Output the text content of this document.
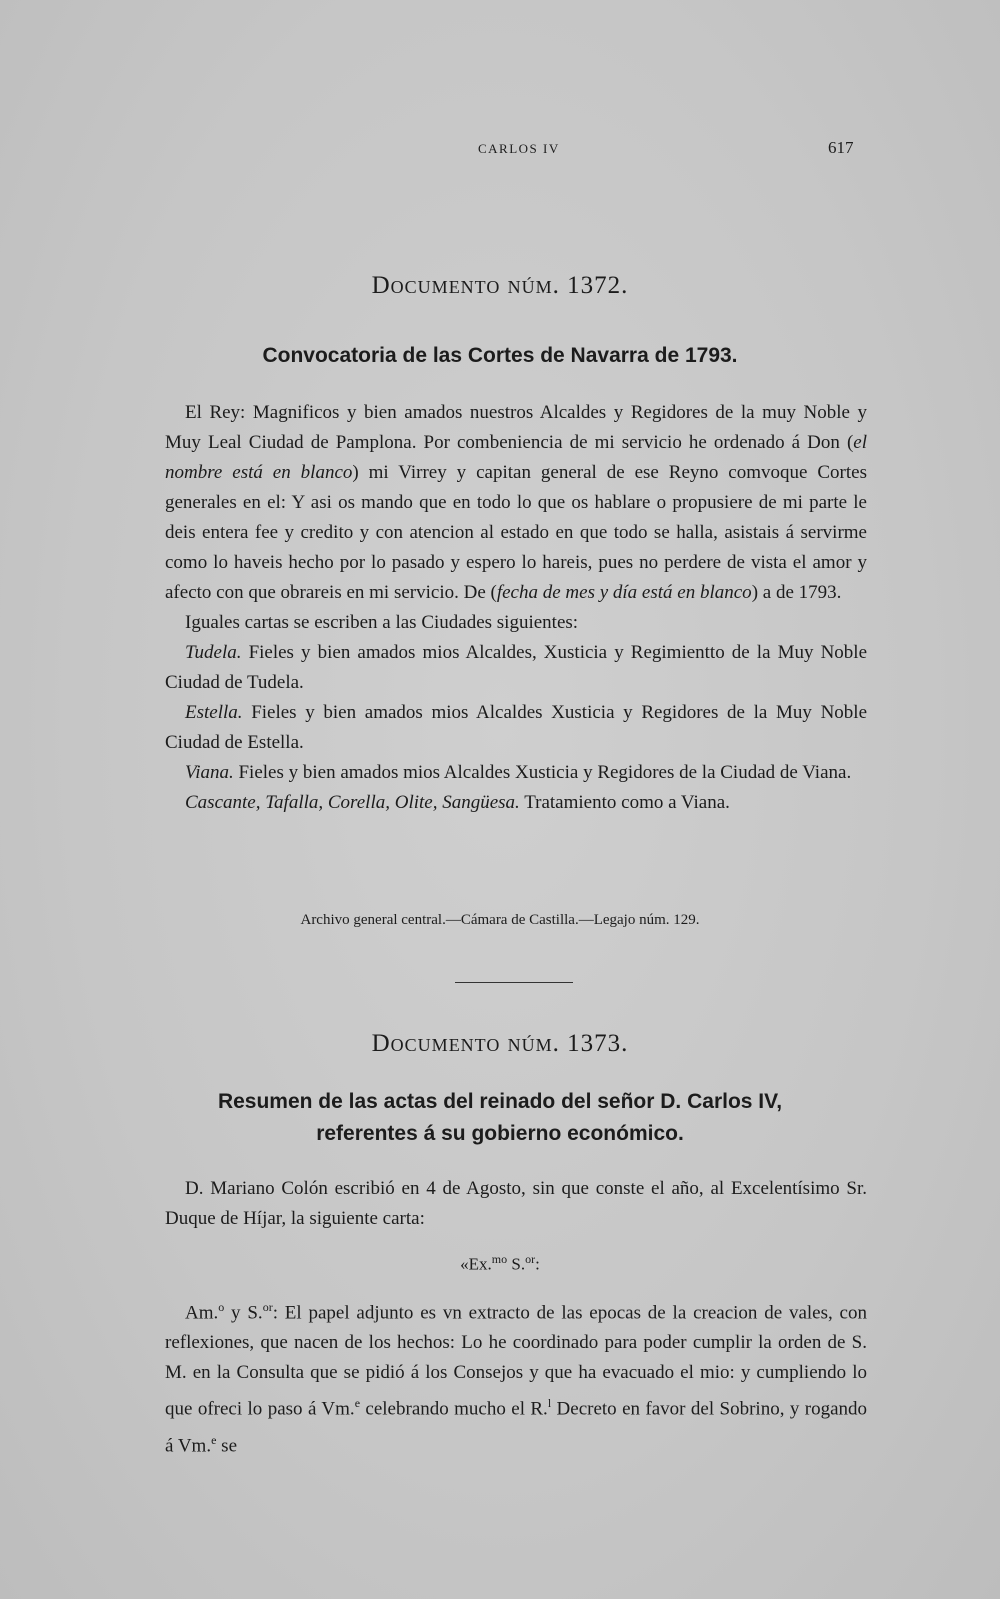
CARLOS IV	617
Documento núm. 1372.
Convocatoria de las Cortes de Navarra de 1793.

El Rey: Magnificos y bien amados nuestros Alcaldes y Regidores de la muy Noble y Muy Leal Ciudad de Pamplona. Por combeniencia de mi servicio he ordenado á Don (el nombre está en blanco) mi Virrey y capitan general de ese Reyno comvoque Cortes generales en el: Y asi os mando que en todo lo que os hablare o propusiere de mi parte le deis entera fee y credito y con atencion al estado en que todo se halla, asistais á servirme como lo haveis hecho por lo pasado y espero lo hareis, pues no perdere de vista el amor y afecto con que obrareis en mi servicio. De (fecha de mes y día está en blanco) a de 1793.

Iguales cartas se escriben a las Ciudades siguientes:

Tudela. Fieles y bien amados mios Alcaldes, Xusticia y Regimientto de la Muy Noble Ciudad de Tudela.

Estella. Fieles y bien amados mios Alcaldes Xusticia y Regidores de la Muy Noble Ciudad de Estella.

Viana. Fieles y bien amados mios Alcaldes Xusticia y Regidores de la Ciudad de Viana.

Cascante, Tafalla, Corella, Olite, Sangüesa. Tratamiento como a Viana.

Archivo general central.—Cámara de Castilla.—Legajo núm. 129.
Documento núm. 1373.
Resumen de las actas del reinado del señor D. Carlos IV,
referentes á su gobierno económico.

D. Mariano Colón escribió en 4 de Agosto, sin que conste el año, al Excelentísimo Sr. Duque de Híjar, la siguiente carta:

«Ex.$^{mo}$ S.$^{or}$:

Am.$^o$ y S.$^{or}$: El papel adjunto es vn extracto de las epocas de la creacion de vales, con reflexiones, que nacen de los hechos: Lo he coordinado para poder cumplir la orden de S. M. en la Consulta que se pidió á los Consejos y que ha evacuado el mio: y cumpliendo lo que ofreci lo paso á Vm.$^e$ celebrando mucho el R.$^l$ Decreto en favor del Sobrino, y rogando á Vm.$^e$ se
